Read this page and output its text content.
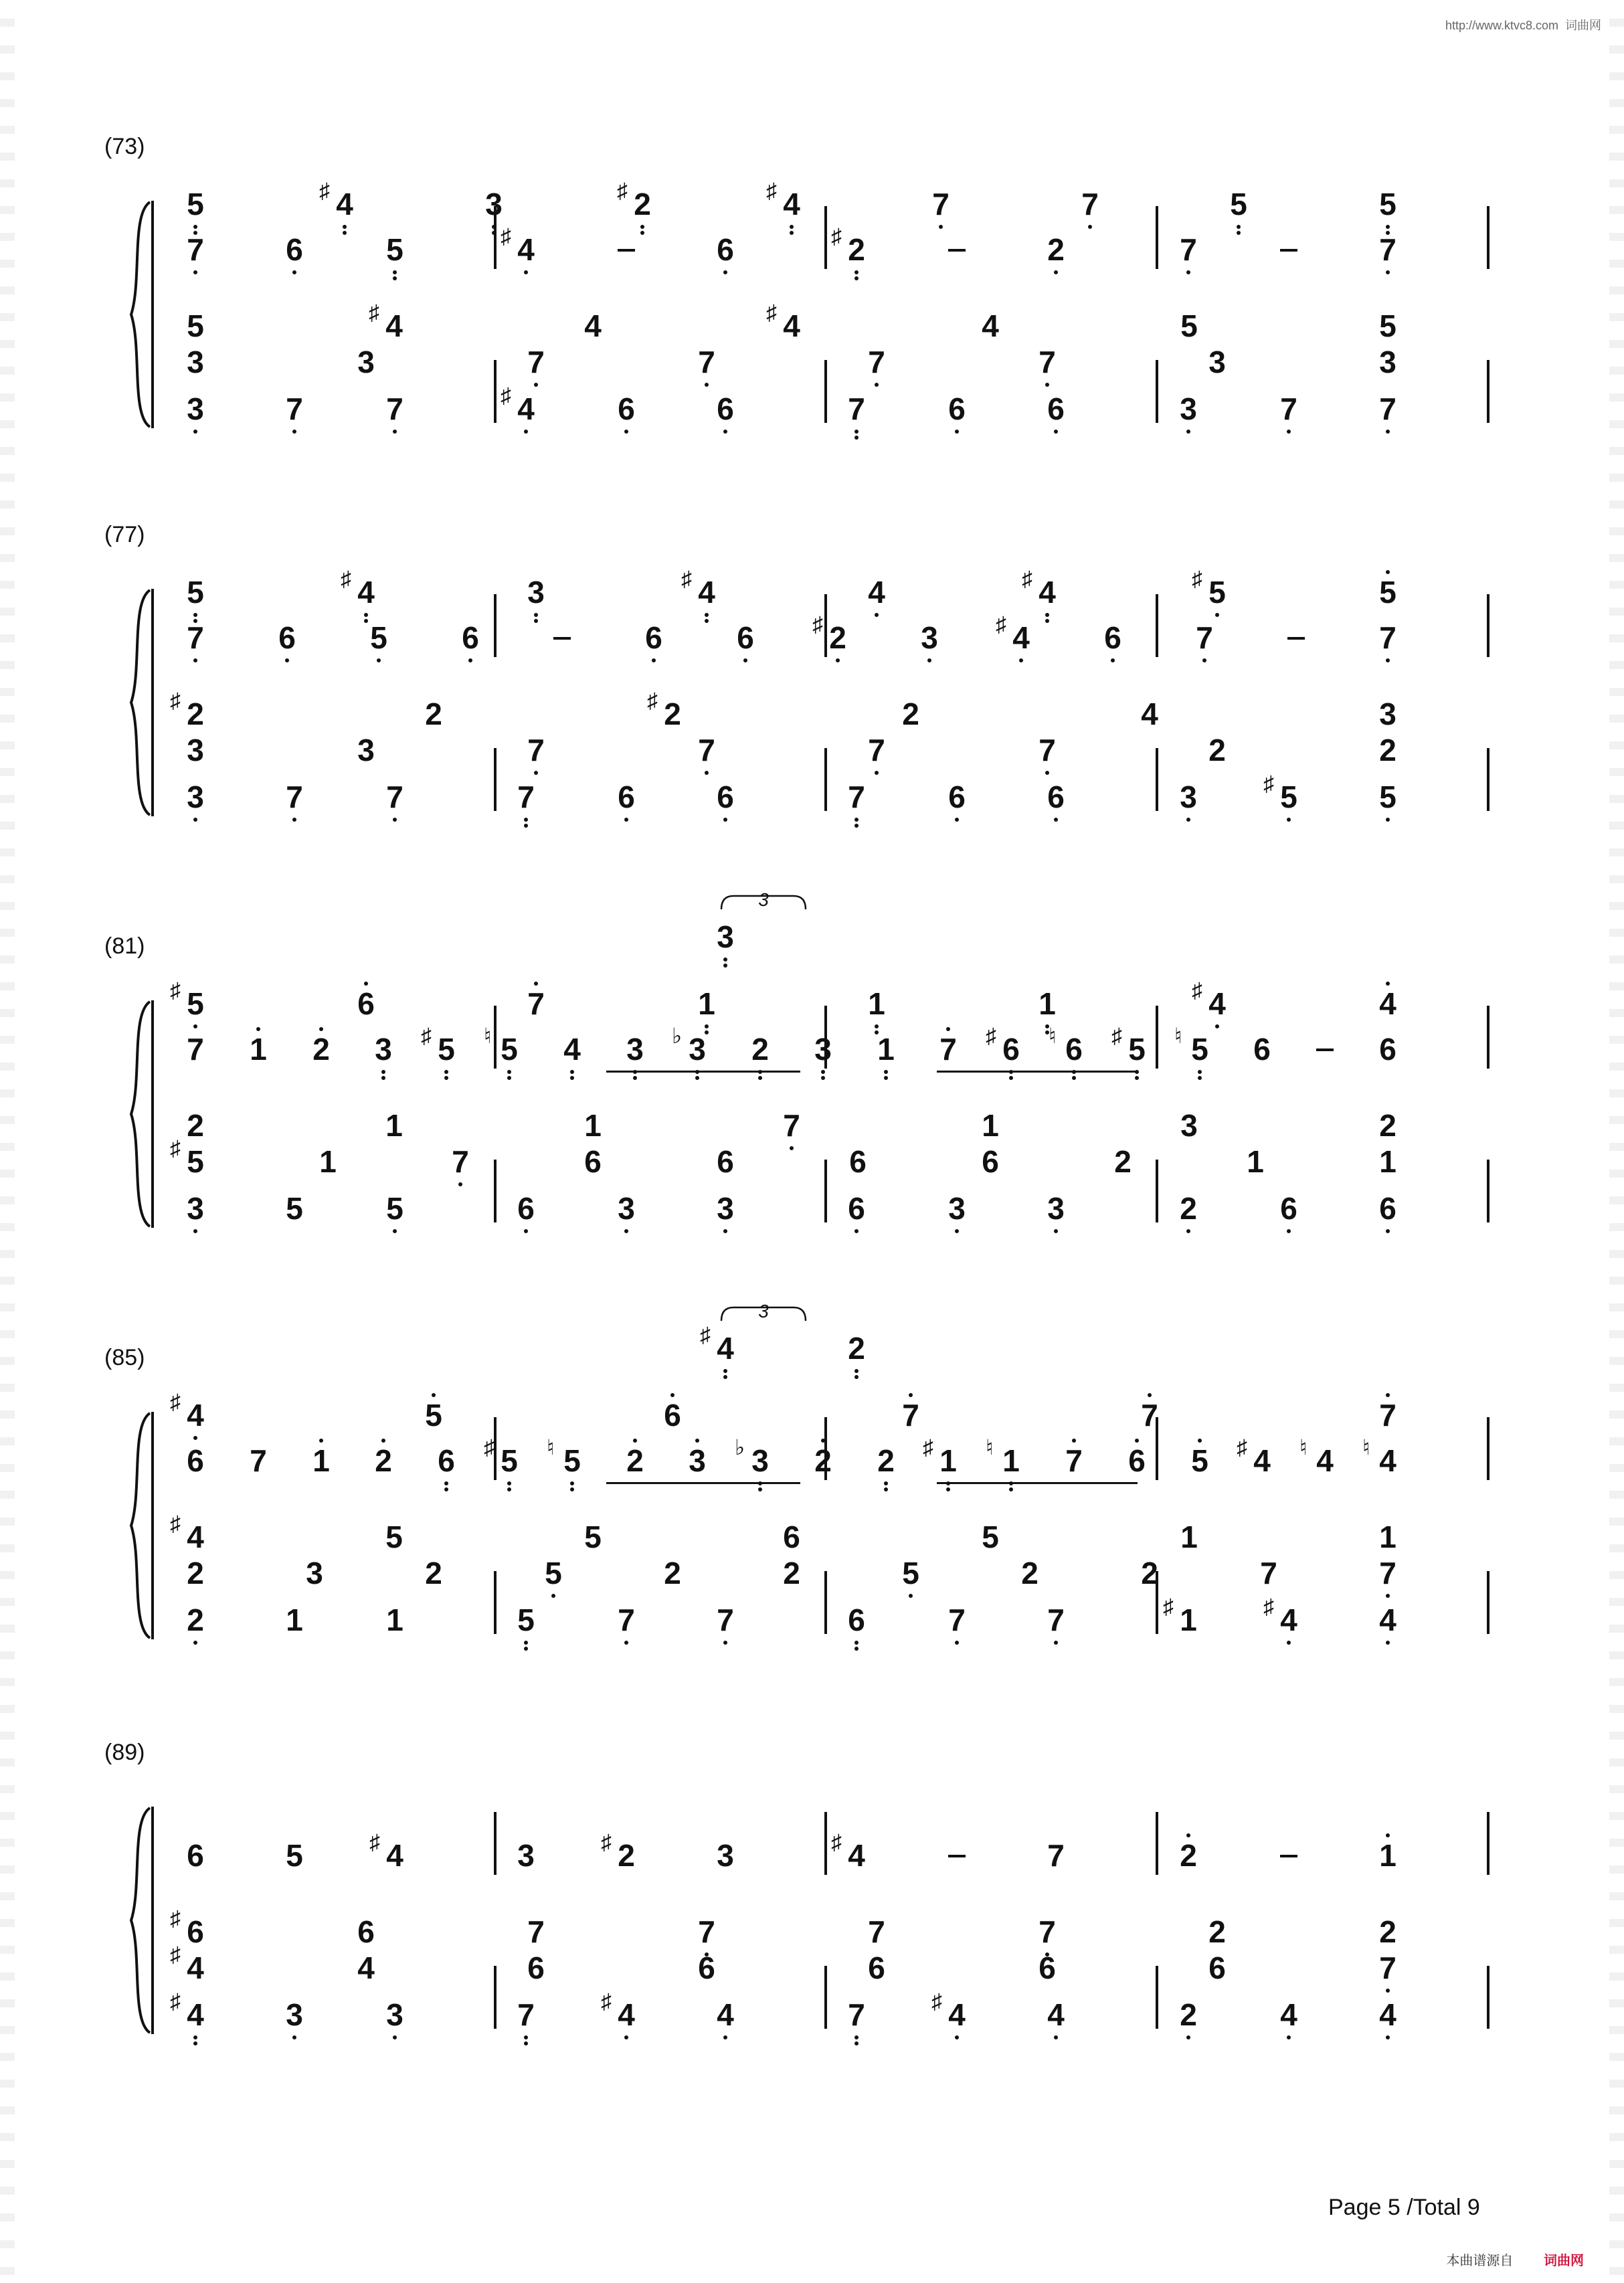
http://www.ktvc8.com  词曲网
(73)
5	4
♯	3	2
♯	4
♯	7	7	5	5
7	6	5	4
♯	6	2
♯	2	7	7
5	4
♯	4	4
♯	4	5	5
3	3	7	7	7	7	3	3
3	7	7	4
♯	6	6	7	6	6	3	7	7
(77)
5	4
♯	3	4
♯	4	4
♯	5
♯	5
7 6 5 6	6 6 2
♯	3 4
♯	6 7	7
2
♯	2	2
♯	2	4	3
3	3	7	7	7	7	2	2
3	7	7	7	6	6	7	6	6	3	5
♯	5
(81)	3
5
♯	6	7	1	1	1	4
♯	4
7 1 2 3 5
♯ 5
♮ 4 3 3
♭ 2 3 1 7 6
♯ 6
♮ 5
♯ 5
♮ 6	6
2	1	1	7	1	3	2
5
♯	1	7	6	6	6	6	2	1	1
3	5	5	6	3	3	6	3	3	2	6	6
3
(85)	4
♯	2
4
♯	5	6	7	7	7
6 7 1 2 6 5
♯ 5
♮ 2 3 3
♭ 2 2 1
♯ 1
♮ 7 6 5 4
♯ 4
♮ 4
♮
4
♯	5	5	6	5	1	1
2	3	2	5	2	2	5	2	2	7	7
2	1	1	5	7	7	6	7	7	1
♯	4
♯	4
3
(89)
6	5	4
♯	3	2
♯	3	4
♯	7	2	1
6
♯	6	7	7	7	7	2	2
4
♯	4	6	6	6	6	6	7
4
♯	3	3	7	4
♯	4	7	4
♯	4	2	4	4
Page 5 /Total 9
本曲谱源自 词曲网
